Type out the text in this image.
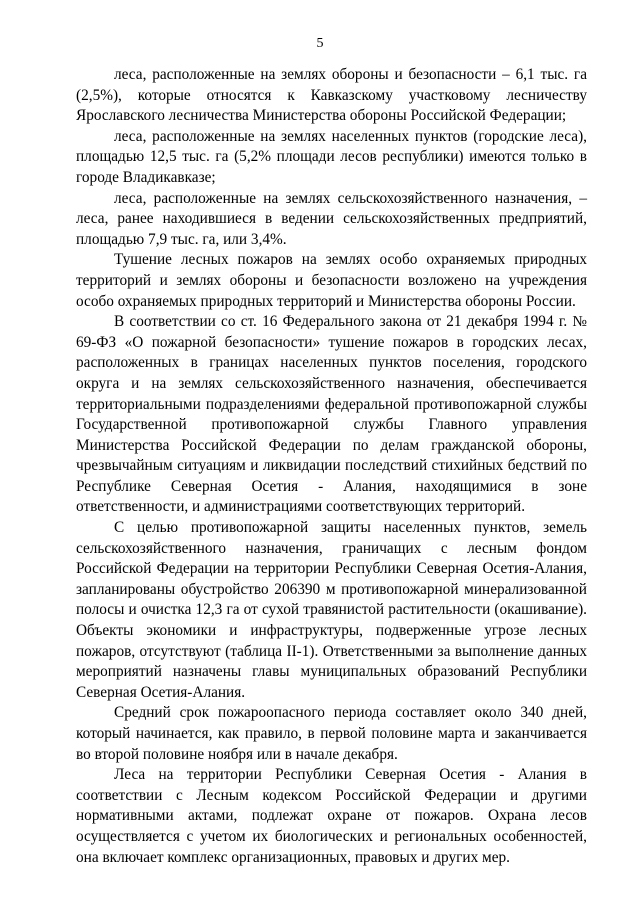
5

леса, расположенные на землях обороны и безопасности – 6,1 тыс. га (2,5%), которые относятся к Кавказскому участковому лесничеству Ярославского лесничества Министерства обороны Российской Федерации;

леса, расположенные на землях населенных пунктов (городские леса), площадью 12,5 тыс. га (5,2% площади лесов республики) имеются только в городе Владикавказе;

леса, расположенные на землях сельскохозяйственного назначения, – леса, ранее находившиеся в ведении сельскохозяйственных предприятий, площадью 7,9 тыс. га, или 3,4%.

Тушение лесных пожаров на землях особо охраняемых природных территорий и землях обороны и безопасности возложено на учреждения особо охраняемых природных территорий и Министерства обороны России.

В соответствии со ст. 16 Федерального закона от 21 декабря 1994 г. № 69-ФЗ «О пожарной безопасности» тушение пожаров в городских лесах, расположенных в границах населенных пунктов поселения, городского округа и на землях сельскохозяйственного назначения, обеспечивается территориальными подразделениями федеральной противопожарной службы Государственной противопожарной службы Главного управления Министерства Российской Федерации по делам гражданской обороны, чрезвычайным ситуациям и ликвидации последствий стихийных бедствий по Республике Северная Осетия - Алания, находящимися в зоне ответственности, и администрациями соответствующих территорий.

С целью противопожарной защиты населенных пунктов, земель сельскохозяйственного назначения, граничащих с лесным фондом Российской Федерации на территории Республики Северная Осетия-Алания, запланированы обустройство 206390 м противопожарной минерализованной полосы и очистка 12,3 га от сухой травянистой растительности (окашивание). Объекты экономики и инфраструктуры, подверженные угрозе лесных пожаров, отсутствуют (таблица II-1). Ответственными за выполнение данных мероприятий назначены главы муниципальных образований Республики Северная Осетия-Алания.

Средний срок пожароопасного периода составляет около 340 дней, который начинается, как правило, в первой половине марта и заканчивается во второй половине ноября или в начале декабря.

Леса на территории Республики Северная Осетия - Алания в соответствии с Лесным кодексом Российской Федерации и другими нормативными актами, подлежат охране от пожаров. Охрана лесов осуществляется с учетом их биологических и региональных особенностей, она включает комплекс организационных, правовых и других мер.
